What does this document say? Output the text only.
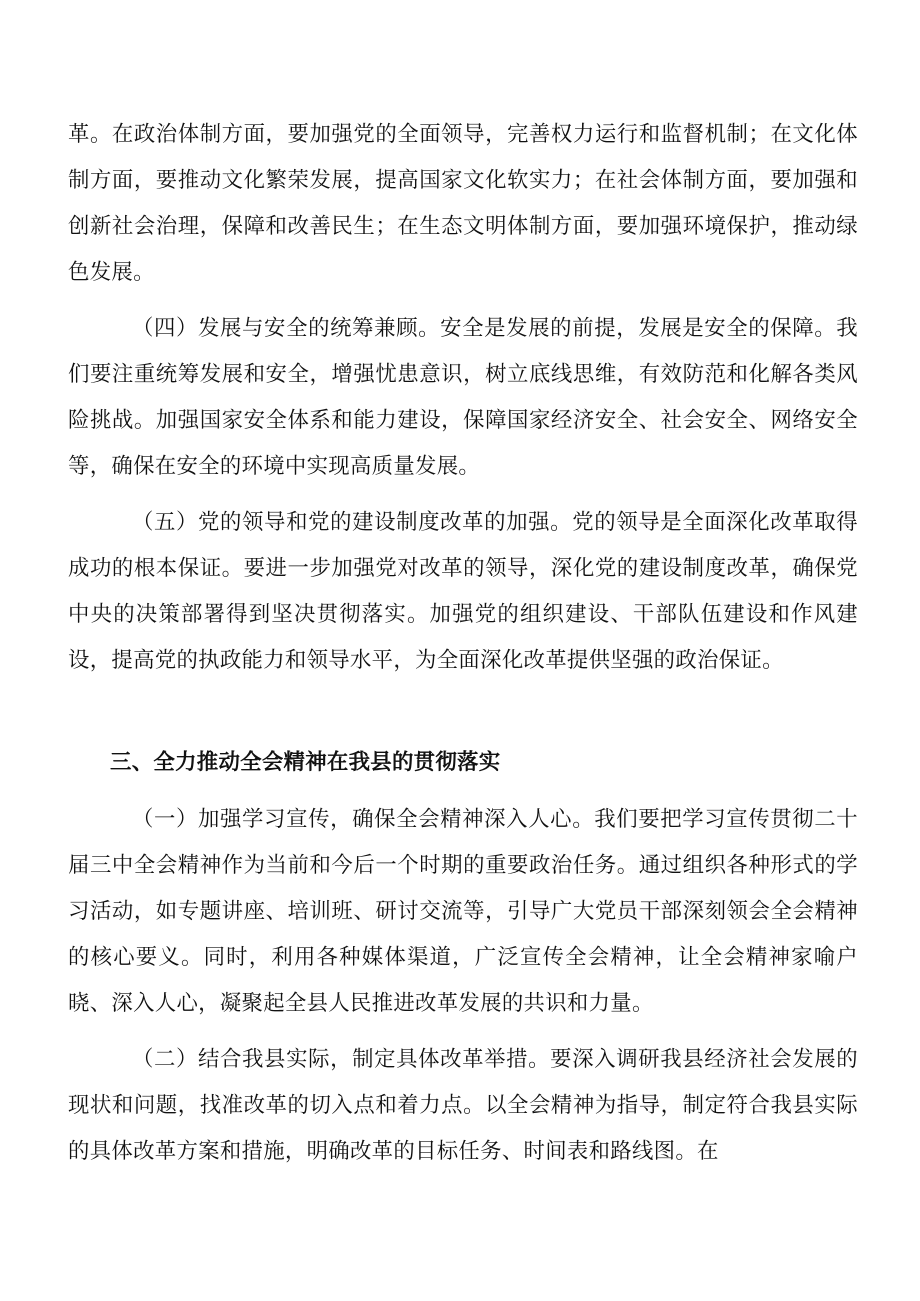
革。在政治体制方面，要加强党的全面领导，完善权力运行和监督机制；在文化体制方面，要推动文化繁荣发展，提高国家文化软实力；在社会体制方面，要加强和创新社会治理，保障和改善民生；在生态文明体制方面，要加强环境保护，推动绿色发展。

（四）发展与安全的统筹兼顾。安全是发展的前提，发展是安全的保障。我们要注重统筹发展和安全，增强忧患意识，树立底线思维，有效防范和化解各类风险挑战。加强国家安全体系和能力建设，保障国家经济安全、社会安全、网络安全等，确保在安全的环境中实现高质量发展。

（五）党的领导和党的建设制度改革的加强。党的领导是全面深化改革取得成功的根本保证。要进一步加强党对改革的领导，深化党的建设制度改革，确保党中央的决策部署得到坚决贯彻落实。加强党的组织建设、干部队伍建设和作风建设，提高党的执政能力和领导水平，为全面深化改革提供坚强的政治保证。

三、全力推动全会精神在我县的贯彻落实

（一）加强学习宣传，确保全会精神深入人心。我们要把学习宣传贯彻二十届三中全会精神作为当前和今后一个时期的重要政治任务。通过组织各种形式的学习活动，如专题讲座、培训班、研讨交流等，引导广大党员干部深刻领会全会精神的核心要义。同时，利用各种媒体渠道，广泛宣传全会精神，让全会精神家喻户晓、深入人心，凝聚起全县人民推进改革发展的共识和力量。

（二）结合我县实际，制定具体改革举措。要深入调研我县经济社会发展的现状和问题，找准改革的切入点和着力点。以全会精神为指导，制定符合我县实际的具体改革方案和措施，明确改革的目标任务、时间表和路线图。在
